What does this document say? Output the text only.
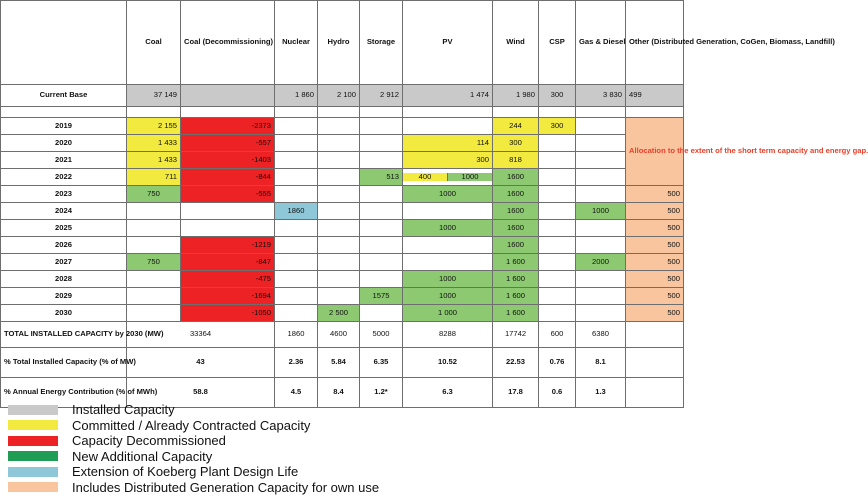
	Coal	Coal (Decommissioning)	Nuclear	Hydro	Storage	PV	Wind	CSP	Gas & Diesel	Other (Distributed Generation, CoGen, Biomass, Landfill)
Current Base	37 149		1 860	2 100	2 912	1 474	1 980	300	3 830	499

2019	2 155	-2373					244	300		Allocation to the extent of the short term capacity and energy gap.
2020	1 433	-557				114	300			
2021	1 433	-1403				300	818			
2022	711	-844			513	400 1000	1600			
2023	750	-555				1000	1600			500
2024			1860				1600		1000	500
2025						1000	1600			500
2026		-1219					1600			500
2027	750	-847					1 600		2000	500
2028		-475				1000	1 600			500
2029		-1694			1575	1000	1 600			500
2030		-1050		2 500		1 000	1 600			500
TOTAL INSTALLED CAPACITY by 2030 (MW)	33364		1860	4600	5000	8288	17742	600	6380	
% Total Installed Capacity (% of MW)	43		2.36	5.84	6.35	10.52	22.53	0.76	8.1	
% Annual Energy Contribution (% of MWh)	58.8		4.5	8.4	1.2*	6.3	17.8	0.6	1.3	
Installed Capacity
Committed / Already Contracted Capacity
Capacity Decommissioned
New Additional Capacity
Extension of Koeberg Plant Design Life
Includes Distributed Generation Capacity for own use
